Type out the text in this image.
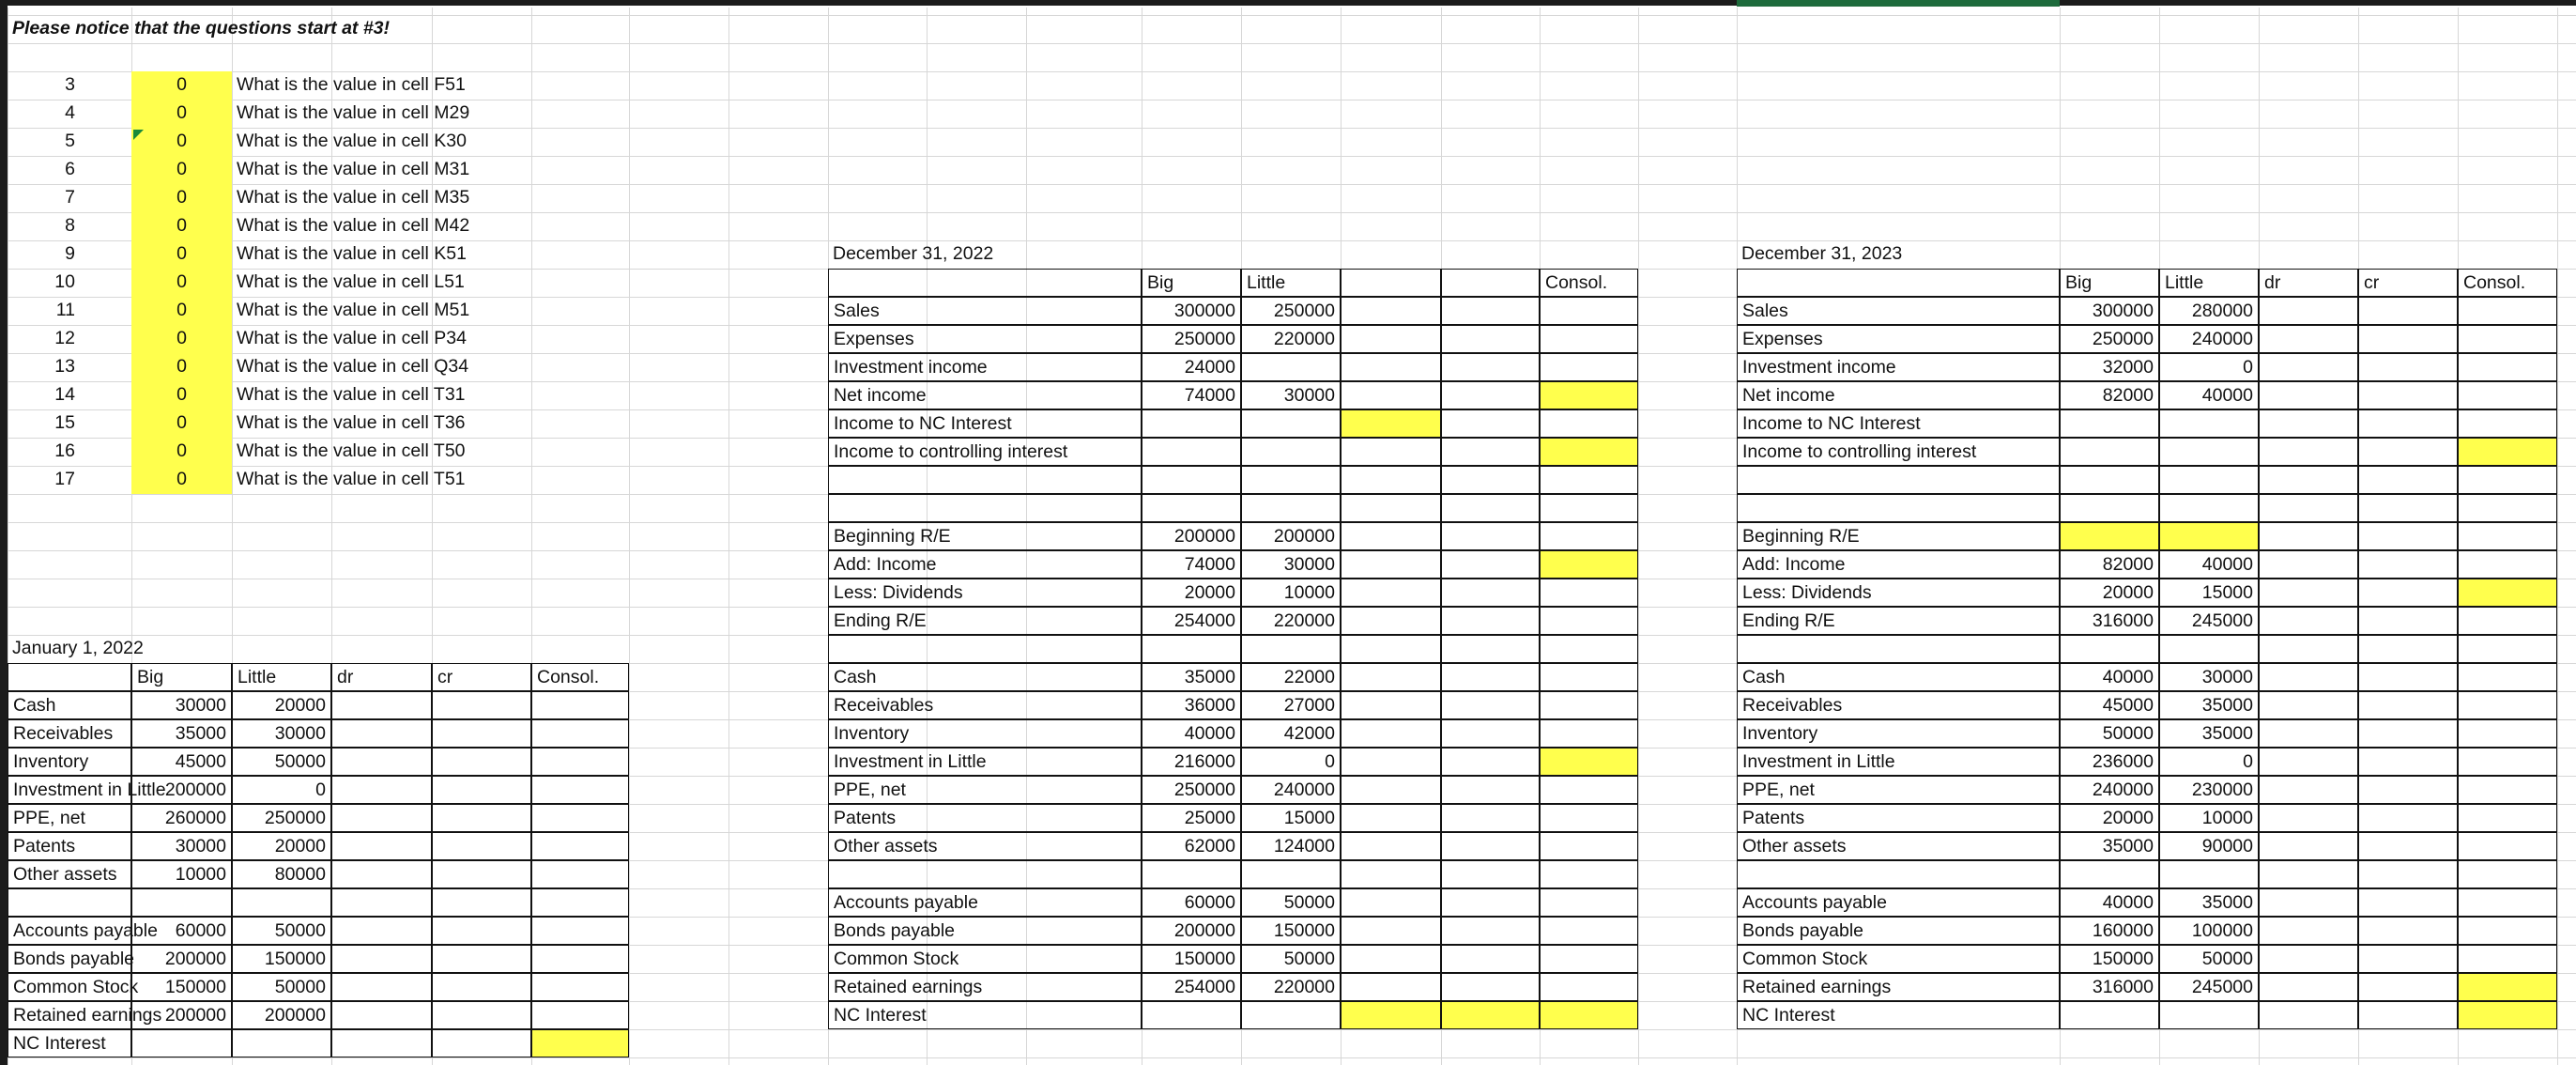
Please notice that the questions start at #3!
3	0	What is the value in cell F51
4	0	What is the value in cell M29
5	0	What is the value in cell K30
6	0	What is the value in cell M31
7	0	What is the value in cell M35
8	0	What is the value in cell M42
9	0	What is the value in cell K51
10	0	What is the value in cell L51
11	0	What is the value in cell M51
12	0	What is the value in cell P34
13	0	What is the value in cell Q34
14	0	What is the value in cell T31
15	0	What is the value in cell T36
16	0	What is the value in cell T50
17	0	What is the value in cell T51
January 1, 2022
Big	Little	dr	cr	Consol.
Cash	30000	20000
Receivables	35000	30000
Inventory	45000	50000
Investment in Little 200000	0
PPE, net	260000	250000
Patents	30000	20000
Other assets	10000	80000
Accounts payable 60000	50000
Bonds payable	200000	150000
Common Stock	150000	50000
Retained earnings 200000	200000
NC Interest
December 31, 2022
Big	Little	Consol.
Sales	300000	250000
Expenses	250000	220000
Investment income	24000
Net income	74000	30000
Income to NC Interest
Income to controlling interest
Beginning R/E	200000	200000
Add: Income	74000	30000
Less: Dividends	20000	10000
Ending R/E	254000	220000
Cash	35000	22000
Receivables	36000	27000
Inventory	40000	42000
Investment in Little	216000	0
PPE, net	250000	240000
Patents	25000	15000
Other assets	62000	124000
Accounts payable	60000	50000
Bonds payable	200000	150000
Common Stock	150000	50000
Retained earnings	254000	220000
NC Interest
December 31, 2023
Big	Little	dr	cr	Consol.
Sales	300000	280000
Expenses	250000	240000
Investment income	32000	0
Net income	82000	40000
Income to NC Interest
Income to controlling interest
Beginning R/E
Add: Income	82000	40000
Less: Dividends	20000	15000
Ending R/E	316000	245000
Cash	40000	30000
Receivables	45000	35000
Inventory	50000	35000
Investment in Little	236000	0
PPE, net	240000	230000
Patents	20000	10000
Other assets	35000	90000
Accounts payable	40000	35000
Bonds payable	160000	100000
Common Stock	150000	50000
Retained earnings	316000	245000
NC Interest
